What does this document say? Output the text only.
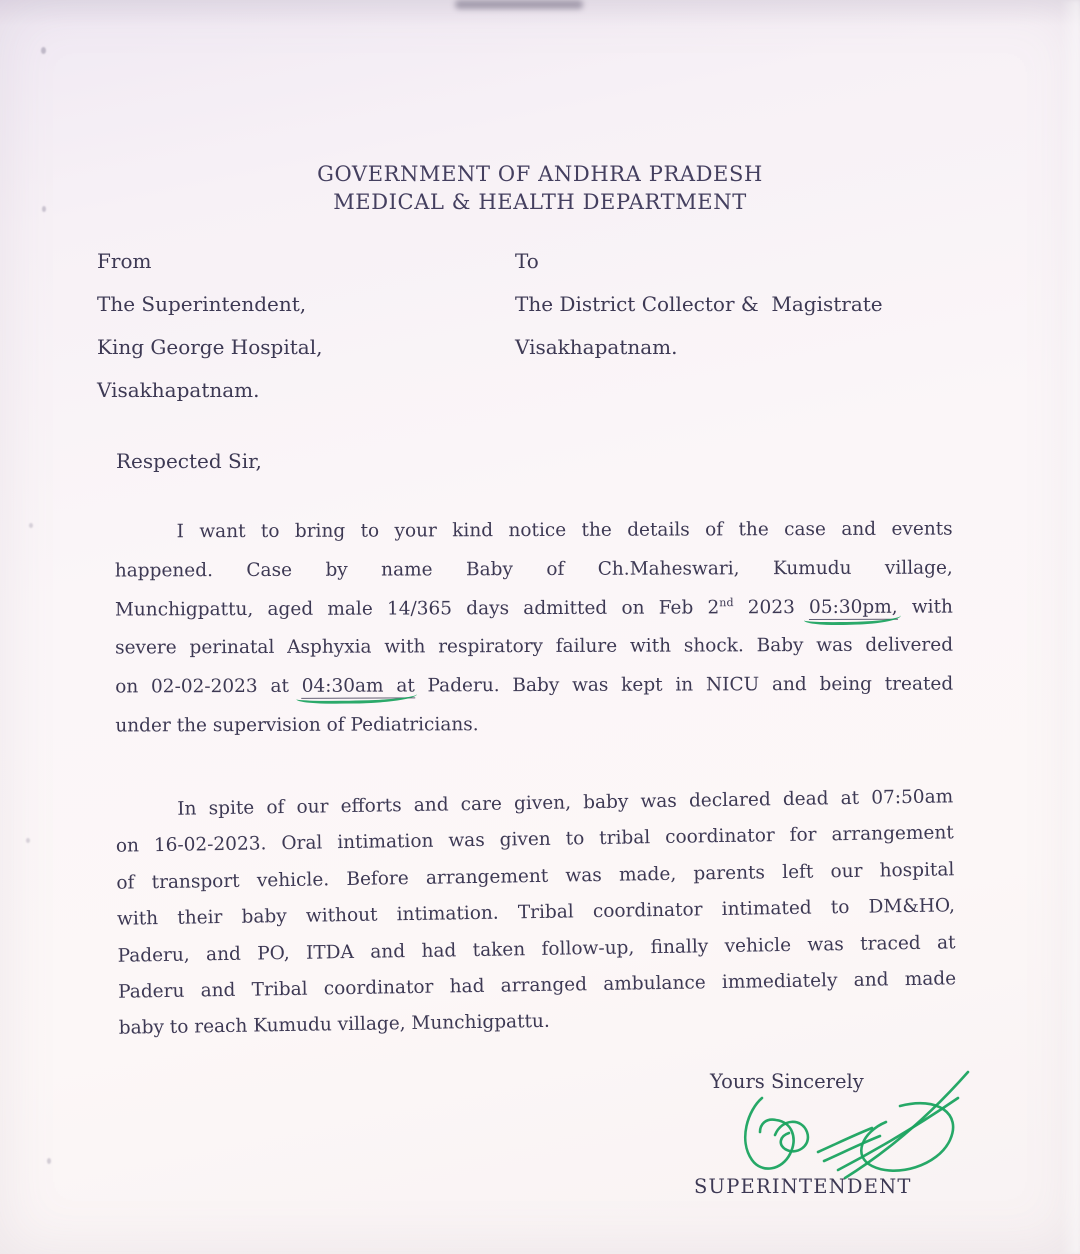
GOVERNMENT OF ANDHRA PRADESH
MEDICAL & HEALTH DEPARTMENT
From
The Superintendent,
King George Hospital,
Visakhapatnam.
To
The District Collector &  Magistrate
Visakhapatnam.
Respected Sir,
I want to bring to your kind notice the details of the case and events
happened. Case by name Baby of Ch.Maheswari, Kumudu village,
Munchigpattu, aged male 14/365 days admitted on Feb 2nd 2023 05:30pm, with
severe perinatal Asphyxia with respiratory failure with shock. Baby was delivered
on 02-02-2023 at 04:30am at Paderu. Baby was kept in NICU and being treated
under the supervision of Pediatricians.
In spite of our efforts and care given, baby was declared dead at 07:50am
on 16-02-2023. Oral intimation was given to tribal coordinator for arrangement
of transport vehicle. Before arrangement was made, parents left our hospital
with their baby without intimation. Tribal coordinator intimated to DM&HO,
Paderu, and PO, ITDA and had taken follow-up, finally vehicle was traced at
Paderu and Tribal coordinator had arranged ambulance immediately and made
baby to reach Kumudu village, Munchigpattu.
Yours Sincerely
SUPERINTENDENT
